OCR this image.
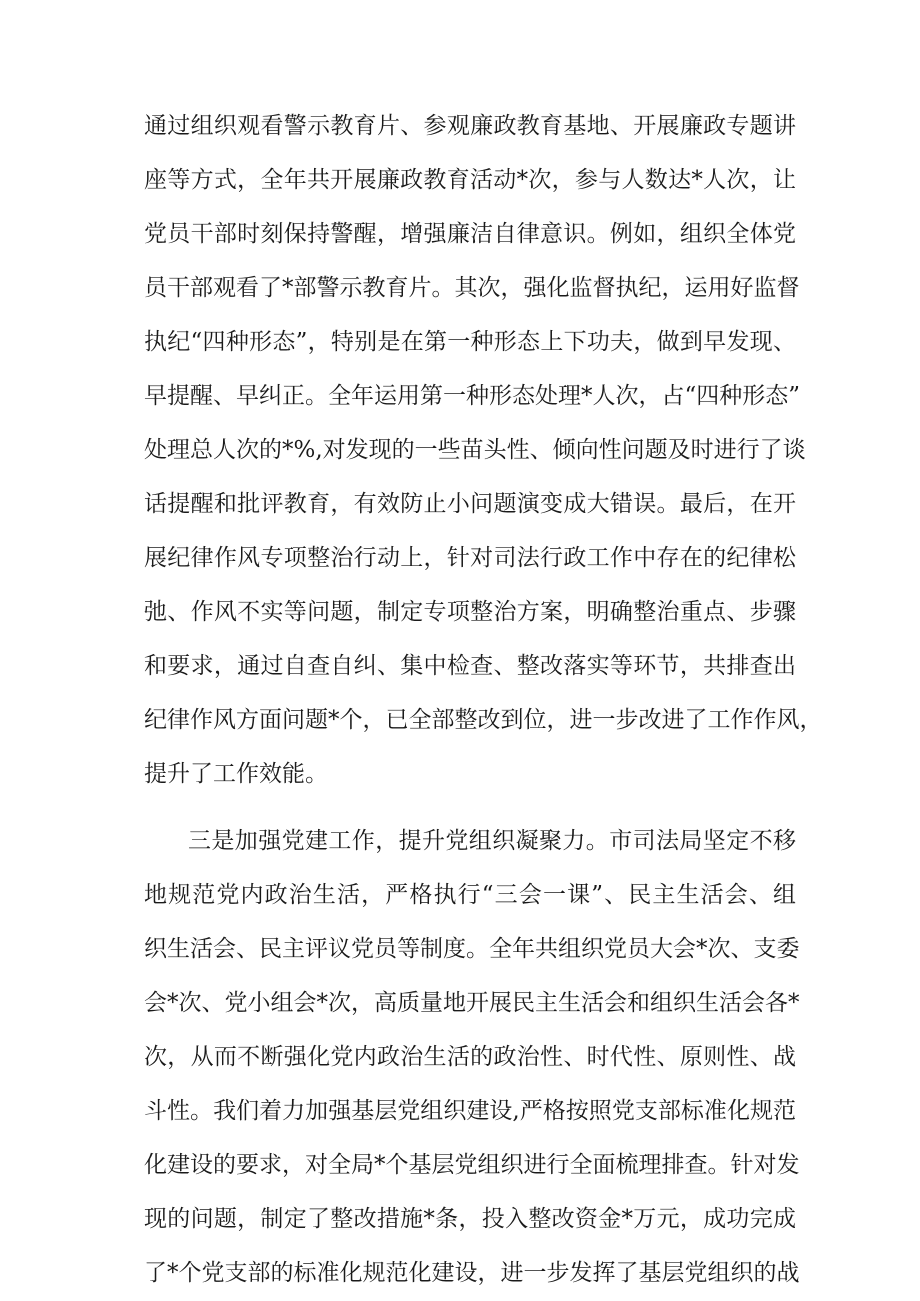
通过组织观看警示教育片、参观廉政教育基地、开展廉政专题讲
座等方式，全年共开展廉政教育活动*次，参与人数达*人次，让
党员干部时刻保持警醒，增强廉洁自律意识。例如，组织全体党
员干部观看了*部警示教育片。其次，强化监督执纪，运用好监督
执纪“四种形态”，特别是在第一种形态上下功夫，做到早发现、
早提醒、早纠正。全年运用第一种形态处理*人次，占“四种形态”
处理总人次的*%,对发现的一些苗头性、倾向性问题及时进行了谈
话提醒和批评教育，有效防止小问题演变成大错误。最后，在开
展纪律作风专项整治行动上，针对司法行政工作中存在的纪律松
弛、作风不实等问题，制定专项整治方案，明确整治重点、步骤
和要求，通过自查自纠、集中检查、整改落实等环节，共排查出
纪律作风方面问题*个，已全部整改到位，进一步改进了工作作风，
提升了工作效能。
三是加强党建工作，提升党组织凝聚力。市司法局坚定不移
地规范党内政治生活，严格执行“三会一课”、民主生活会、组
织生活会、民主评议党员等制度。全年共组织党员大会*次、支委
会*次、党小组会*次，高质量地开展民主生活会和组织生活会各*
次，从而不断强化党内政治生活的政治性、时代性、原则性、战
斗性。我们着力加强基层党组织建设,严格按照党支部标准化规范
化建设的要求，对全局*个基层党组织进行全面梳理排查。针对发
现的问题，制定了整改措施*条，投入整改资金*万元，成功完成
了*个党支部的标准化规范化建设，进一步发挥了基层党组织的战
